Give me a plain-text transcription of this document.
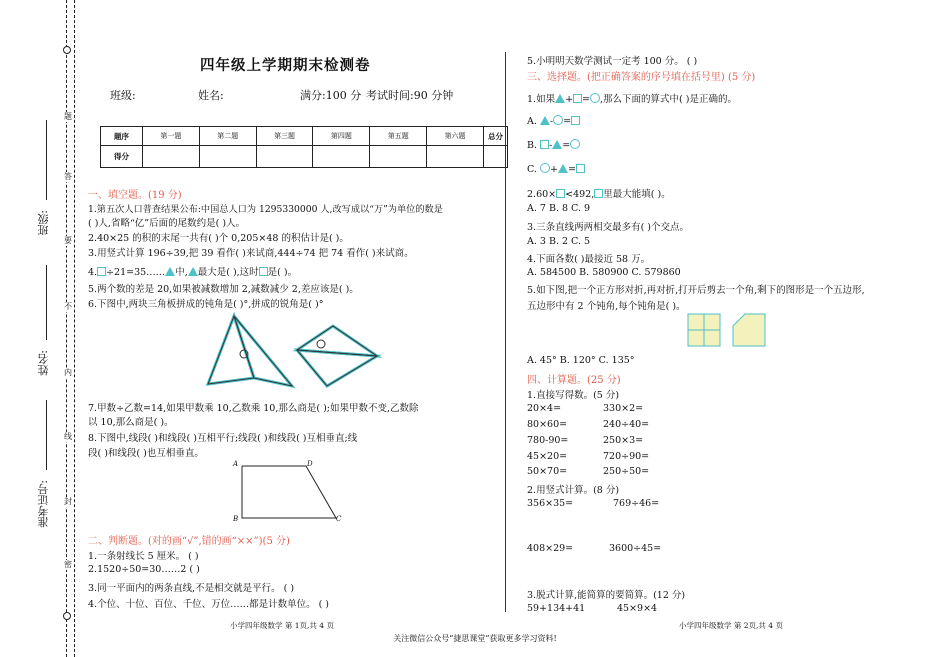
题
答
要
不
内
线
封
密
班级:
姓名:
准考证号:
四年级上学期期末检测卷
班级:	姓名:	满分:100 分 考试时间:90 分钟
题序	第一题	第二题	第三题	第四题	第五题	第六题	总分
得分							
一、填空题。(19 分)
1.第五次人口普查结果公布:中国总人口为 1295330000 人,改写成以“万”为单位的数是
( )人,省略“亿”后面的尾数约是( )人。
2.40×25 的积的末尾一共有( )个 0,205×48 的积估计是( )。
3.用竖式计算 196÷39,把 39 看作( )来试商,444÷74 把 74 看作( )来试商。
4. ÷21=35…… 中, 最大是( ),这时 是( )。
5.两个数的差是 20,如果被减数增加 2,减数减少 2,差应该是( )。
6.下图中,两块三角板拼成的钝角是( )°,拼成的锐角是( )°
7.甲数÷乙数=14,如果甲数乘 10,乙数乘 10,那么商是( );如果甲数不变,乙数除
以 10,那么商是( )。
8.下图中,线段( )和线段( )互相平行;线段( )和线段( )互相垂直;线
段( )和线段( )也互相垂直。
A	D
B	C
二、判断题。(对的画“√”,错的画“××”)(5 分)
1.一条射线长 5 厘米。 ( )
2.1520÷50=30……2 ( )
3.同一平面内的两条直线,不是相交就是平行。 ( )
4.个位、十位、百位、千位、万位……都是计数单位。 ( )
小学四年级数学 第 1页,共 4 页
5.小明明天数学测试一定考 100 分。 ( )
三、选择题。(把正确答案的序号填在括号里) (5 分)
1.如果 + = ,那么下面的算式中( )是正确的。
A. - =
B. - =
C. + =
2.60× <492, 里最大能填( )。
A. 7 B. 8 C. 9
3.三条直线两两相交最多有( )个交点。
A. 3 B. 2 C. 5
4.下面各数( )最接近 58 万。
A. 584500 B. 580900 C. 579860
5.如下图,把一个正方形对折,再对折,打开后剪去一个角,剩下的图形是一个五边形,
五边形中有 2 个钝角,每个钝角是( )。
A. 45° B. 120° C. 135°
四、计算题。(25 分)
1.直接写得数。(5 分)
20×4=	330×2=
80×60=	240÷40=
780-90=	250×3=
45×20=	720÷90=
50×70=	250÷50=
2.用竖式计算。(8 分)
356×35=	769÷46=
408×29=	3600÷45=
3.脱式计算,能简算的要简算。(12 分)
59+134+41	45×9×4
小学四年级数学 第 2页,共 4 页
关注微信公众号“捷思课堂”获取更多学习资料!
